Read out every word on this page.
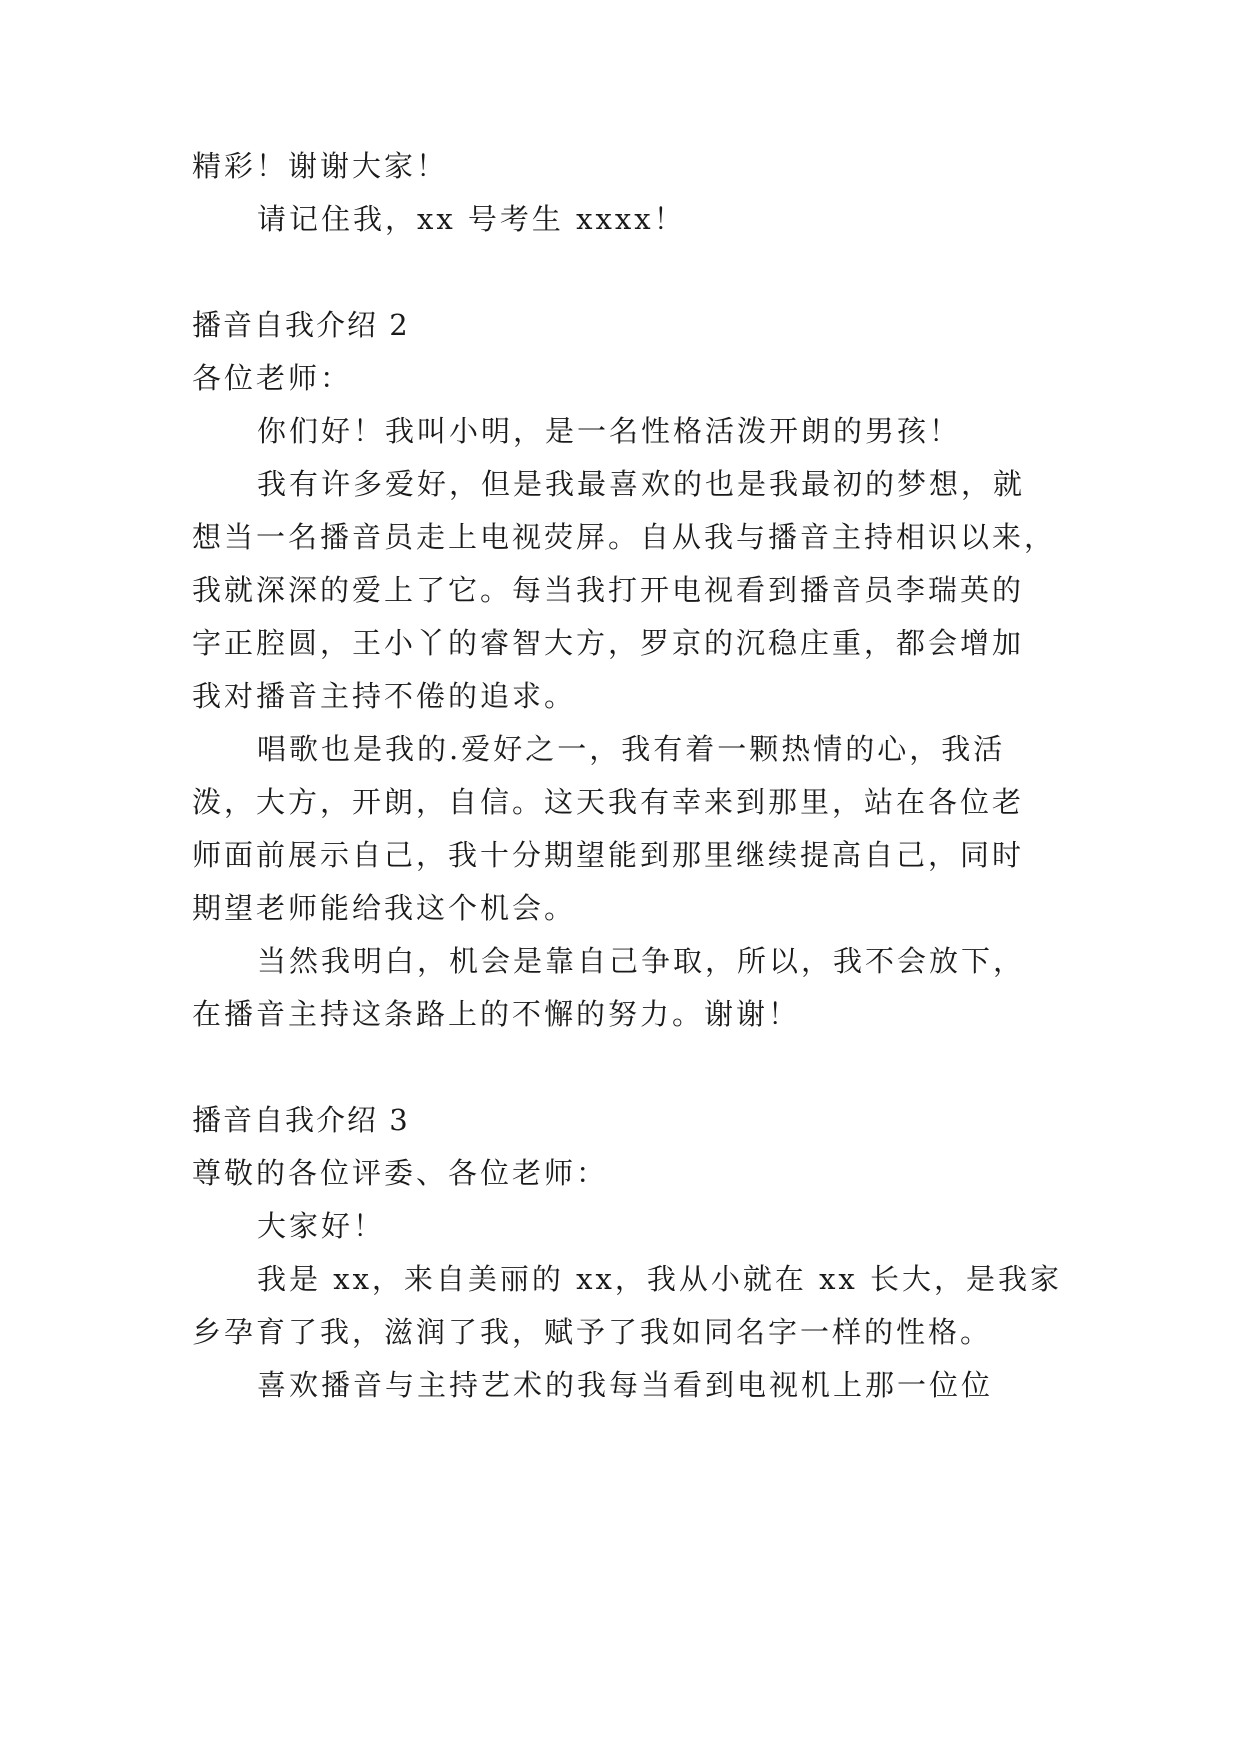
精彩！谢谢大家！
请记住我，xx 号考生 xxxx！
播音自我介绍 2
各位老师：
你们好！我叫小明，是一名性格活泼开朗的男孩！
我有许多爱好，但是我最喜欢的也是我最初的梦想，就
想当一名播音员走上电视荧屏。自从我与播音主持相识以来，
我就深深的爱上了它。每当我打开电视看到播音员李瑞英的
字正腔圆，王小丫的睿智大方，罗京的沉稳庄重，都会增加
我对播音主持不倦的追求。
唱歌也是我的.爱好之一，我有着一颗热情的心，我活
泼，大方，开朗，自信。这天我有幸来到那里，站在各位老
师面前展示自己，我十分期望能到那里继续提高自己，同时
期望老师能给我这个机会。
当然我明白，机会是靠自己争取，所以，我不会放下，
在播音主持这条路上的不懈的努力。谢谢！
播音自我介绍 3
尊敬的各位评委、各位老师：
大家好！
我是 xx，来自美丽的 xx，我从小就在 xx 长大，是我家
乡孕育了我，滋润了我，赋予了我如同名字一样的性格。
喜欢播音与主持艺术的我每当看到电视机上那一位位
